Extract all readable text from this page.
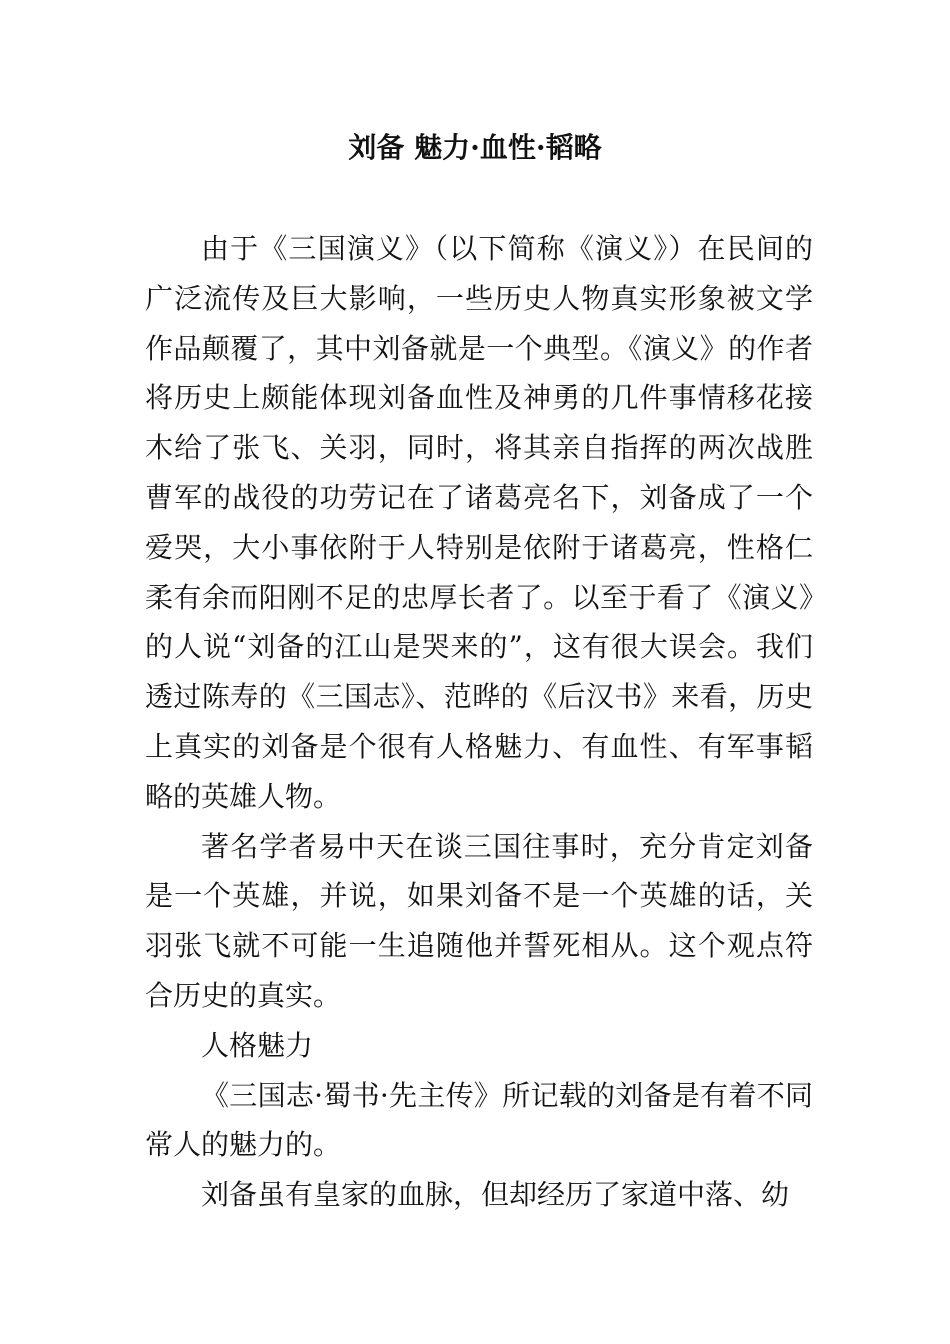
刘备 魅力·血性·韬略

由于《三国演义》（以下简称《演义》）在民间的广泛流传及巨大影响，一些历史人物真实形象被文学作品颠覆了，其中刘备就是一个典型。《演义》的作者将历史上颇能体现刘备血性及神勇的几件事情移花接木给了张飞、关羽，同时，将其亲自指挥的两次战胜曹军的战役的功劳记在了诸葛亮名下，刘备成了一个爱哭，大小事依附于人特别是依附于诸葛亮，性格仁柔有余而阳刚不足的忠厚长者了。以至于看了《演义》的人说“刘备的江山是哭来的”，这有很大误会。我们透过陈寿的《三国志》、范晔的《后汉书》来看，历史上真实的刘备是个很有人格魅力、有血性、有军事韬略的英雄人物。

著名学者易中天在谈三国往事时，充分肯定刘备是一个英雄，并说，如果刘备不是一个英雄的话，关羽张飞就不可能一生追随他并誓死相从。这个观点符合历史的真实。

人格魅力

《三国志·蜀书·先主传》所记载的刘备是有着不同常人的魅力的。

刘备虽有皇家的血脉，但却经历了家道中落、幼
